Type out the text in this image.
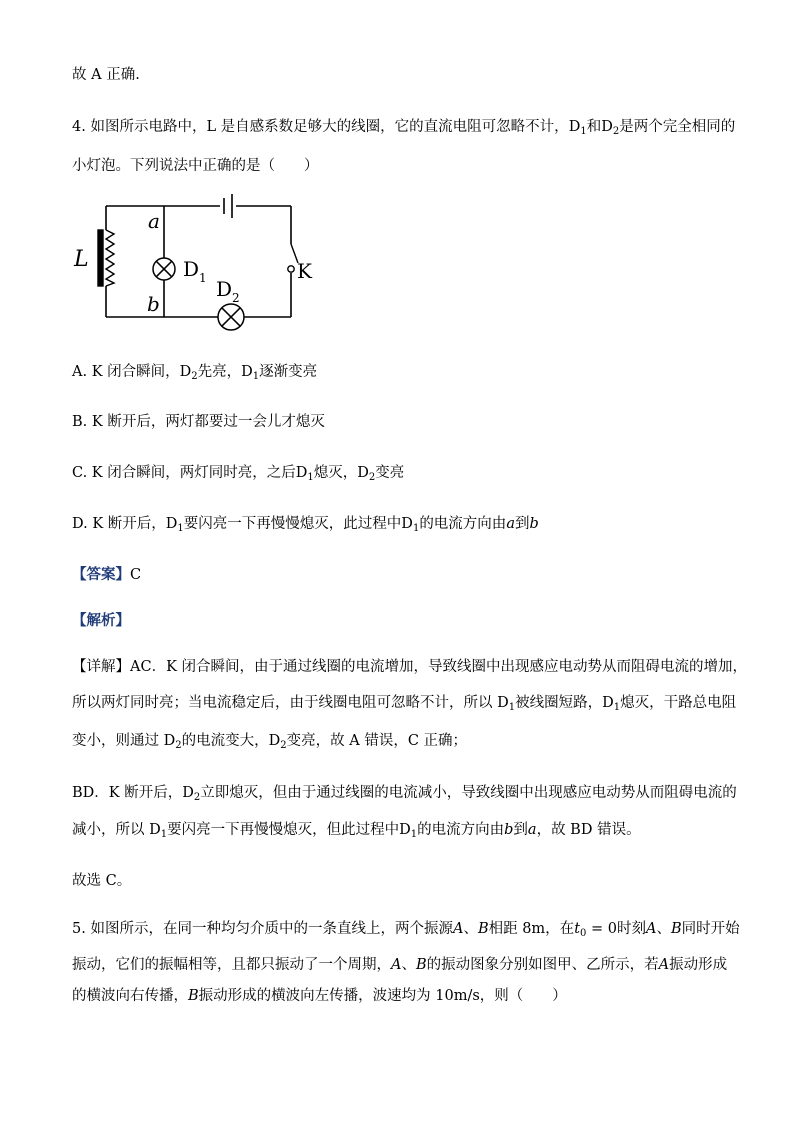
故 A 正确.
4. 如图所示电路中，L 是自感系数足够大的线圈，它的直流电阻可忽略不计，$D_1$和$D_2$是两个完全相同的
小灯泡。下列说法中正确的是（　　）
L
a
b
K
D 1 D 2
A. K 闭合瞬间，$D_2$先亮，$D_1$逐渐变亮
B. K 断开后，两灯都要过一会儿才熄灭
C. K 闭合瞬间，两灯同时亮，之后$D_1$熄灭，$D_2$变亮
D. K 断开后，$D_1$要闪亮一下再慢慢熄灭，此过程中$D_1$的电流方向由a到b
【答案】C
【解析】
【详解】AC．K 闭合瞬间，由于通过线圈的电流增加，导致线圈中出现感应电动势从而阻碍电流的增加，
所以两灯同时亮；当电流稳定后，由于线圈电阻可忽略不计，所以 $D_1$被线圈短路，$D_1$熄灭，干路总电阻
变小，则通过 $D_2$的电流变大，$D_2$变亮，故 A 错误，C 正确；
BD．K 断开后，$D_2$立即熄灭，但由于通过线圈的电流减小，导致线圈中出现感应电动势从而阻碍电流的
减小，所以 $D_1$要闪亮一下再慢慢熄灭，但此过程中$D_1$的电流方向由b到a，故 BD 错误。
故选 C。
5. 如图所示，在同一种均匀介质中的一条直线上，两个振源A、B相距 8m，在$t_0 = 0$时刻A、B同时开始
振动，它们的振幅相等，且都只振动了一个周期，A、B的振动图象分别如图甲、乙所示，若A振动形成
的横波向右传播，B振动形成的横波向左传播，波速均为 10m/s，则（　　）
